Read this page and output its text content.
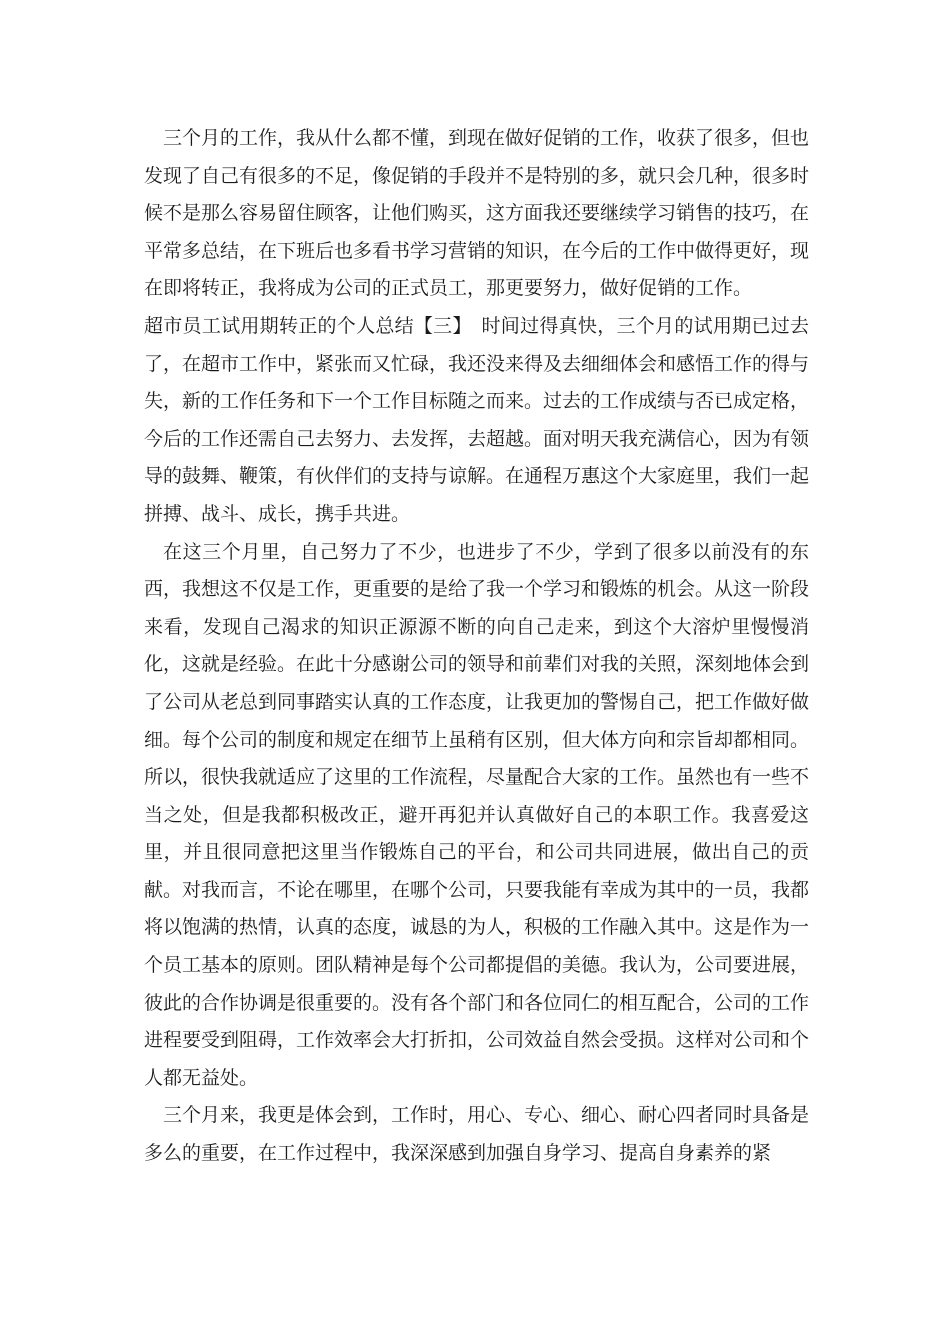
三个月的工作，我从什么都不懂，到现在做好促销的工作，收获了很多，但也发现了自己有很多的不足，像促销的手段并不是特别的多，就只会几种，很多时候不是那么容易留住顾客，让他们购买，这方面我还要继续学习销售的技巧，在平常多总结，在下班后也多看书学习营销的知识，在今后的工作中做得更好，现在即将转正，我将成为公司的正式员工，那更要努力，做好促销的工作。

超市员工试用期转正的个人总结【三】　时间过得真快，三个月的试用期已过去了，在超市工作中，紧张而又忙碌，我还没来得及去细细体会和感悟工作的得与失，新的工作任务和下一个工作目标随之而来。过去的工作成绩与否已成定格，今后的工作还需自己去努力、去发挥，去超越。面对明天我充满信心，因为有领导的鼓舞、鞭策，有伙伴们的支持与谅解。在通程万惠这个大家庭里，我们一起拼搏、战斗、成长，携手共进。

在这三个月里，自己努力了不少，也进步了不少，学到了很多以前没有的东西，我想这不仅是工作，更重要的是给了我一个学习和锻炼的机会。从这一阶段来看，发现自己渴求的知识正源源不断的向自己走来，到这个大溶炉里慢慢消化，这就是经验。在此十分感谢公司的领导和前辈们对我的关照，深刻地体会到了公司从老总到同事踏实认真的工作态度，让我更加的警惕自己，把工作做好做细。每个公司的制度和规定在细节上虽稍有区别，但大体方向和宗旨却都相同。所以，很快我就适应了这里的工作流程，尽量配合大家的工作。虽然也有一些不当之处，但是我都积极改正，避开再犯并认真做好自己的本职工作。我喜爱这里，并且很同意把这里当作锻炼自己的平台，和公司共同进展，做出自己的贡献。对我而言，不论在哪里，在哪个公司，只要我能有幸成为其中的一员，我都将以饱满的热情，认真的态度，诚恳的为人，积极的工作融入其中。这是作为一个员工基本的原则。团队精神是每个公司都提倡的美德。我认为，公司要进展，彼此的合作协调是很重要的。没有各个部门和各位同仁的相互配合，公司的工作进程要受到阻碍，工作效率会大打折扣，公司效益自然会受损。这样对公司和个人都无益处。

三个月来，我更是体会到，工作时，用心、专心、细心、耐心四者同时具备是多么的重要，在工作过程中，我深深感到加强自身学习、提高自身素养的紧
